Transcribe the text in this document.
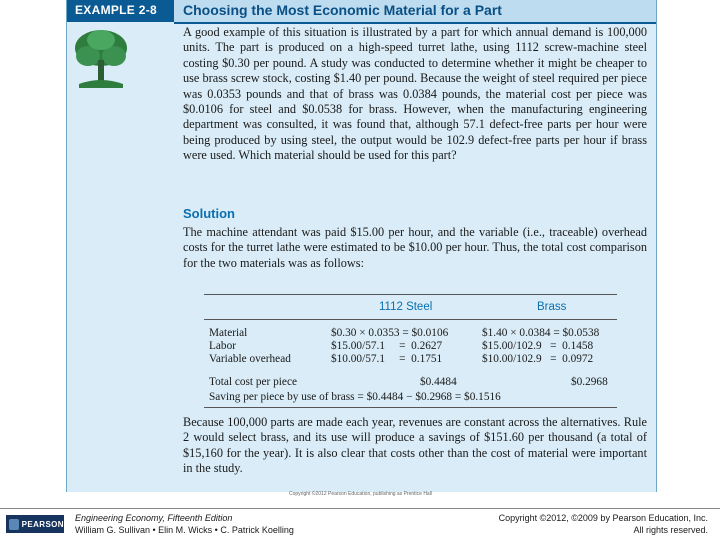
EXAMPLE 2-8 Choosing the Most Economic Material for a Part
A good example of this situation is illustrated by a part for which annual demand is 100,000 units. The part is produced on a high-speed turret lathe, using 1112 screw-machine steel costing $0.30 per pound. A study was conducted to determine whether it might be cheaper to use brass screw stock, costing $1.40 per pound. Because the weight of steel required per piece was 0.0353 pounds and that of brass was 0.0384 pounds, the material cost per piece was $0.0106 for steel and $0.0538 for brass. However, when the manufacturing engineering department was consulted, it was found that, although 57.1 defect-free parts per hour were being produced by using steel, the output would be 102.9 defect-free parts per hour if brass were used. Which material should be used for this part?
Solution
The machine attendant was paid $15.00 per hour, and the variable (i.e., traceable) overhead costs for the turret lathe were estimated to be $10.00 per hour. Thus, the total cost comparison for the two materials was as follows:
1112 Steel	Brass
Material	$0.30 × 0.0353 = $0.0106	$1.40 × 0.0384 = $0.0538
Labor	$15.00/57.1     =  0.2627	$15.00/102.9   =  0.1458
Variable overhead	$10.00/57.1     =  0.1751	$10.00/102.9   =  0.0972
Total cost per piece	$0.4484	$0.2968
Saving per piece by use of brass = $0.4484 − $0.2968 = $0.1516
Because 100,000 parts are made each year, revenues are constant across the alternatives. Rule 2 would select brass, and its use will produce a savings of $151.60 per thousand (a total of $15,160 for the year). It is also clear that costs other than the cost of material were important in the study.
Copyright ©2012 Pearson Education, publishing as Prentice Hall
PEARSON
Engineering Economy, Fifteenth Edition
William G. Sullivan • Elin M. Wicks • C. Patrick Koelling
Copyright ©2012, ©2009 by Pearson Education, Inc.
All rights reserved.
